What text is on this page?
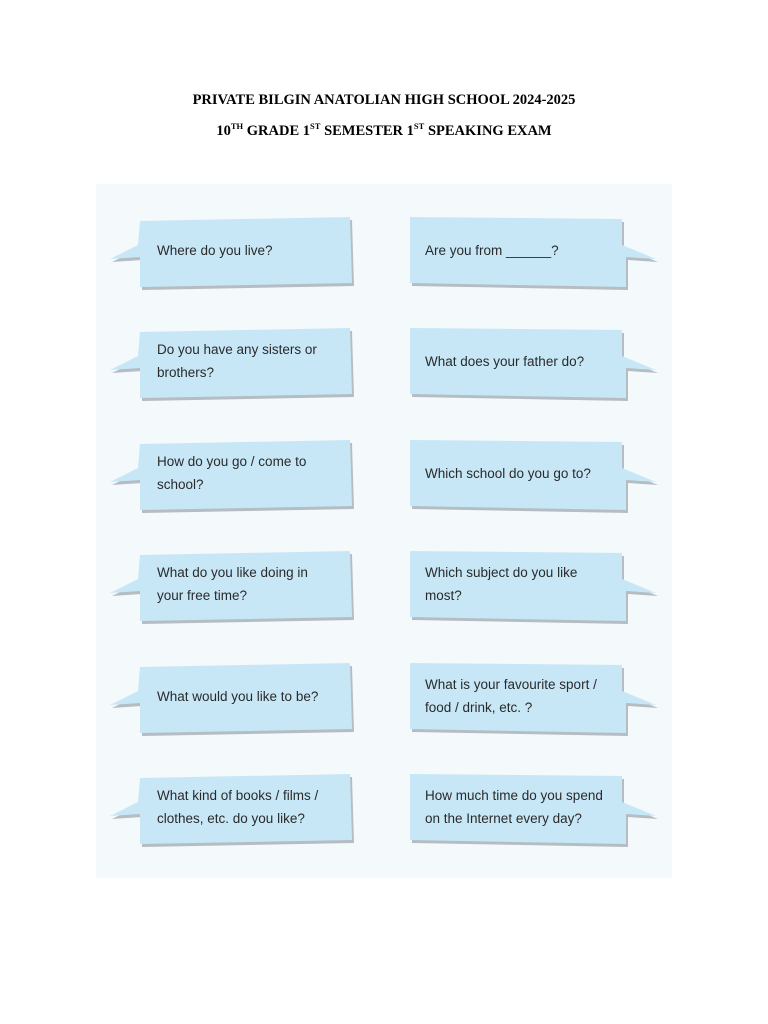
PRIVATE BILGIN ANATOLIAN HIGH SCHOOL 2024-2025
10TH GRADE 1ST SEMESTER 1ST SPEAKING EXAM
Where do you live?
Do you have any sisters or
brothers?
How do you go / come to
school?
What do you like doing in
your free time?
What would you like to be?
What kind of books / films /
clothes, etc. do you like?
Are you from ______?
What does your father do?
Which school do you go to?
Which subject do you like
most?
What is your favourite sport /
food / drink, etc. ?
How much time do you spend
on the Internet every day?
